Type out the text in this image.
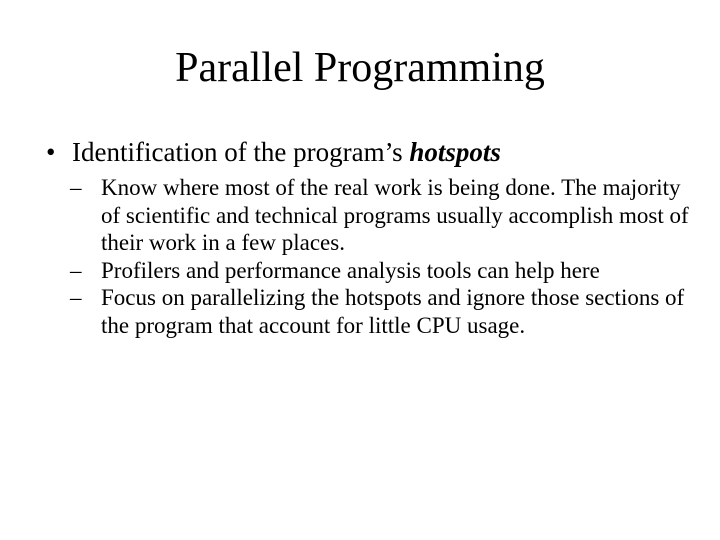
Parallel Programming
• Identification of the program’s hotspots
– Know where most of the real work is being done. The majority of scientific and technical programs usually accomplish most of their work in a few places.
– Profilers and performance analysis tools can help here
– Focus on parallelizing the hotspots and ignore those sections of the program that account for little CPU usage.
